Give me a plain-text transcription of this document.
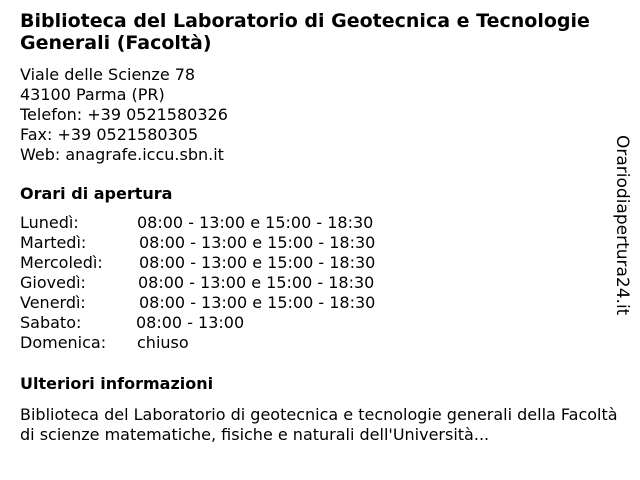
Biblioteca del Laboratorio di Geotecnica e Tecnologie Generali (Facoltà)
Viale delle Scienze 78
43100 Parma (PR)
Telefon: +39 0521580326
Fax: +39 0521580305
Web: anagrafe.iccu.sbn.it
Orari di apertura
Lunedì:	08:00 - 13:00 e 15:00 - 18:30
Martedì:	08:00 - 13:00 e 15:00 - 18:30
Mercoledì: 08:00 - 13:00 e 15:00 - 18:30
Giovedì:	08:00 - 13:00 e 15:00 - 18:30
Venerdì:	08:00 - 13:00 e 15:00 - 18:30
Sabato:	08:00 - 13:00
Domenica: chiuso
Ulteriori informazioni
Biblioteca del Laboratorio di geotecnica e tecnologie generali della Facoltà di scienze matematiche, fisiche e naturali dell'Università...
Orariodiapertura24.it
